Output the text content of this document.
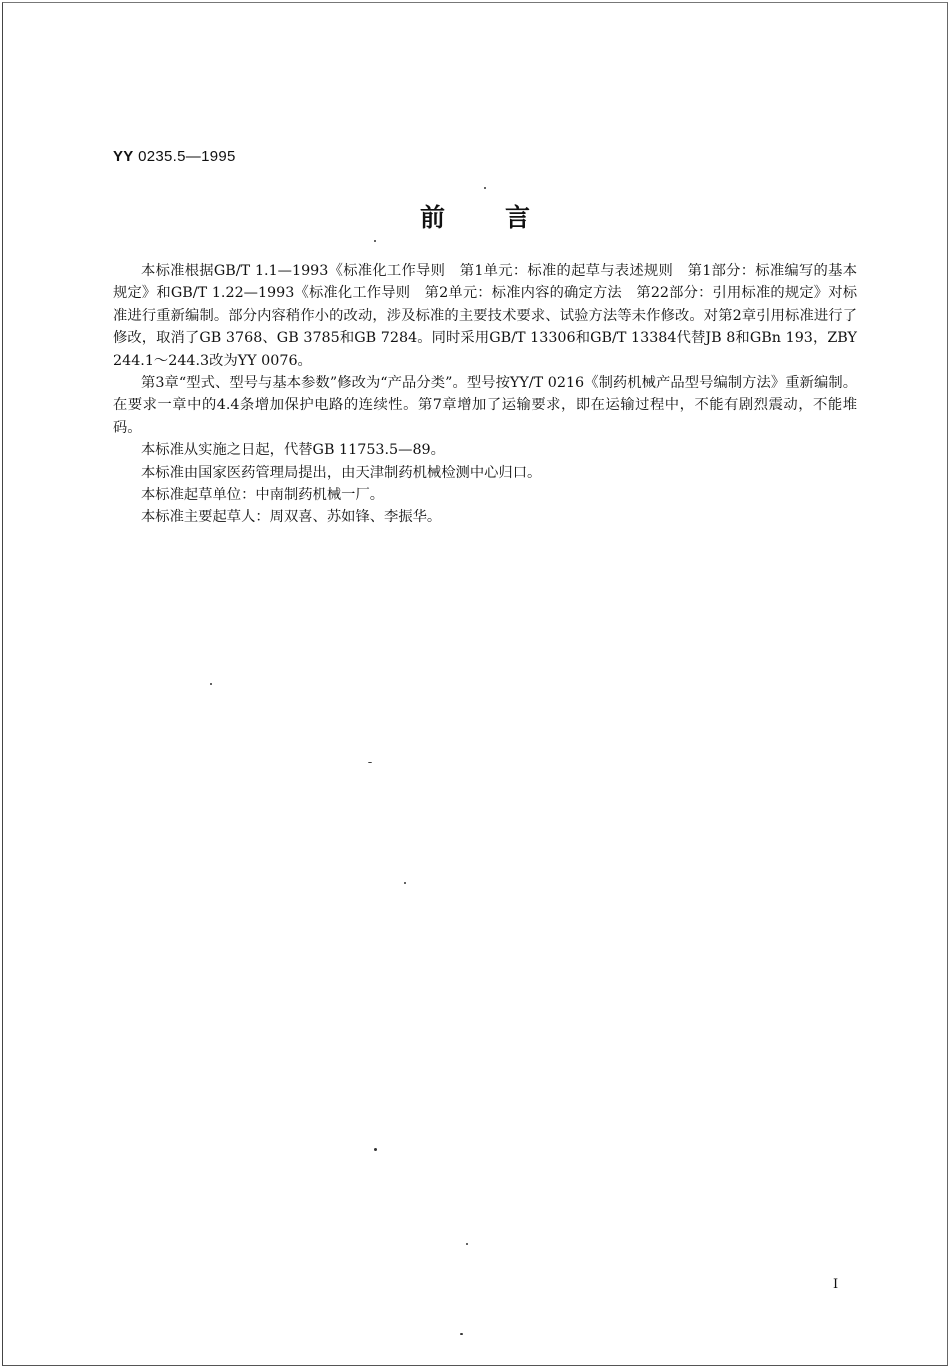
YY 0235.5—1995
前言

本标准根据GB/T 1.1—1993《标准化工作导则　第1单元：标准的起草与表述规则　第1部分：标准编写的基本规定》和GB/T 1.22—1993《标准化工作导则　第2单元：标准内容的确定方法　第22部分：引用标准的规定》对标准进行重新编制。部分内容稍作小的改动，涉及标准的主要技术要求、试验方法等未作修改。对第2章引用标准进行了修改，取消了GB 3768、GB 3785和GB 7284。同时采用GB/T 13306和GB/T 13384代替JB 8和GBn 193，ZBY 244.1～244.3改为YY 0076。

第3章“型式、型号与基本参数”修改为“产品分类”。型号按YY/T 0216《制药机械产品型号编制方法》重新编制。在要求一章中的4.4条增加保护电路的连续性。第7章增加了运输要求，即在运输过程中，不能有剧烈震动，不能堆码。

本标准从实施之日起，代替GB 11753.5—89。

本标准由国家医药管理局提出，由天津制药机械检测中心归口。

本标准起草单位：中南制药机械一厂。

本标准主要起草人：周双喜、苏如锋、李振华。

I
